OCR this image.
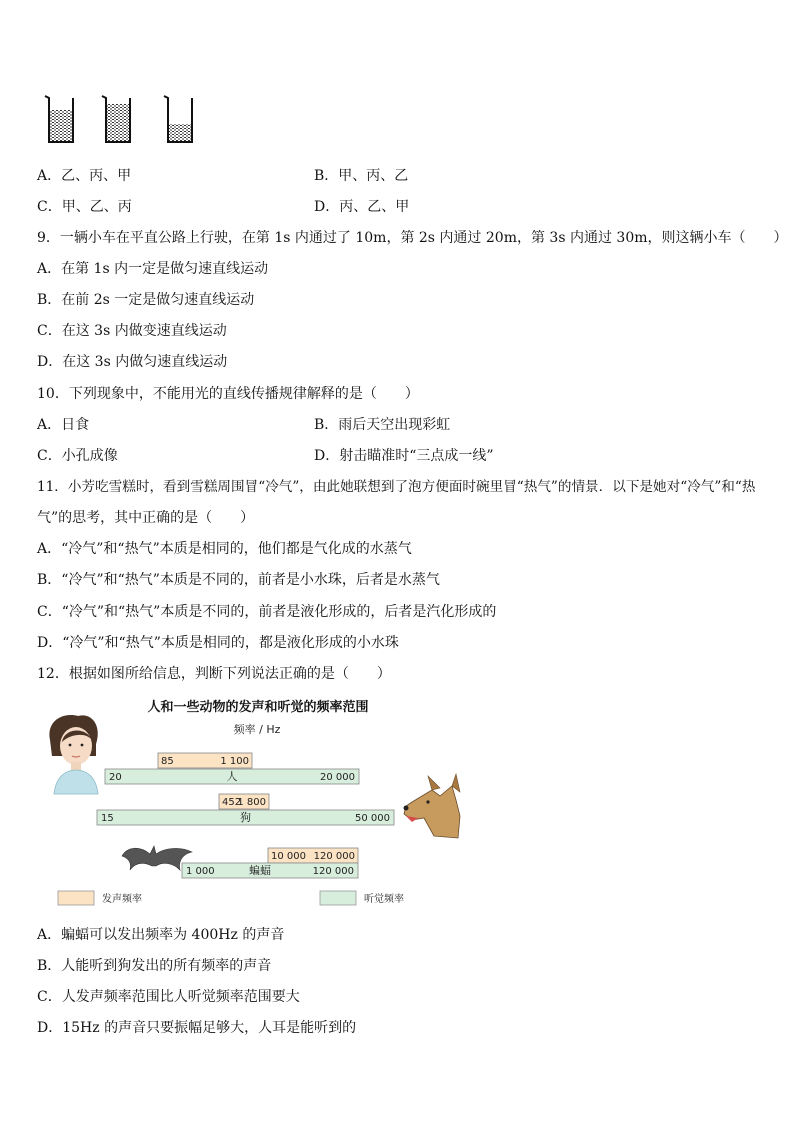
A．乙、丙、甲	B．甲、丙、乙
C．甲、乙、丙	D．丙、乙、甲
9．一辆小车在平直公路上行驶，在第 1s 内通过了 10m，第 2s 内通过 20m，第 3s 内通过 30m，则这辆小车（　　）
A．在第 1s 内一定是做匀速直线运动
B．在前 2s 一定是做匀速直线运动
C．在这 3s 内做变速直线运动
D．在这 3s 内做匀速直线运动
10．下列现象中，不能用光的直线传播规律解释的是（　　）
A．日食	B．雨后天空出现彩虹
C．小孔成像	D．射击瞄准时“三点成一线”
11．小芳吃雪糕时，看到雪糕周围冒“冷气”，由此她联想到了泡方便面时碗里冒“热气”的情景．以下是她对“冷气”和“热
气”的思考，其中正确的是（　　）
A．“冷气”和“热气”本质是相同的，他们都是气化成的水蒸气
B．“冷气”和“热气”本质是不同的，前者是小水珠，后者是水蒸气
C．“冷气”和“热气”本质是不同的，前者是液化形成的，后者是汽化形成的
D．“冷气”和“热气”本质是相同的，都是液化形成的小水珠
12．根据如图所给信息，判断下列说法正确的是（　　）
人和一些动物的发声和听觉的频率范围
频率 / Hz
85	1 100
20	20 000
人
452
1 800
15	50 000
狗
10 000 120 000
1 000	120 000
蝙蝠
发声频率	听觉频率
A．蝙蝠可以发出频率为 400Hz 的声音
B．人能听到狗发出的所有频率的声音
C．人发声频率范围比人听觉频率范围要大
D．15Hz 的声音只要振幅足够大，人耳是能听到的
